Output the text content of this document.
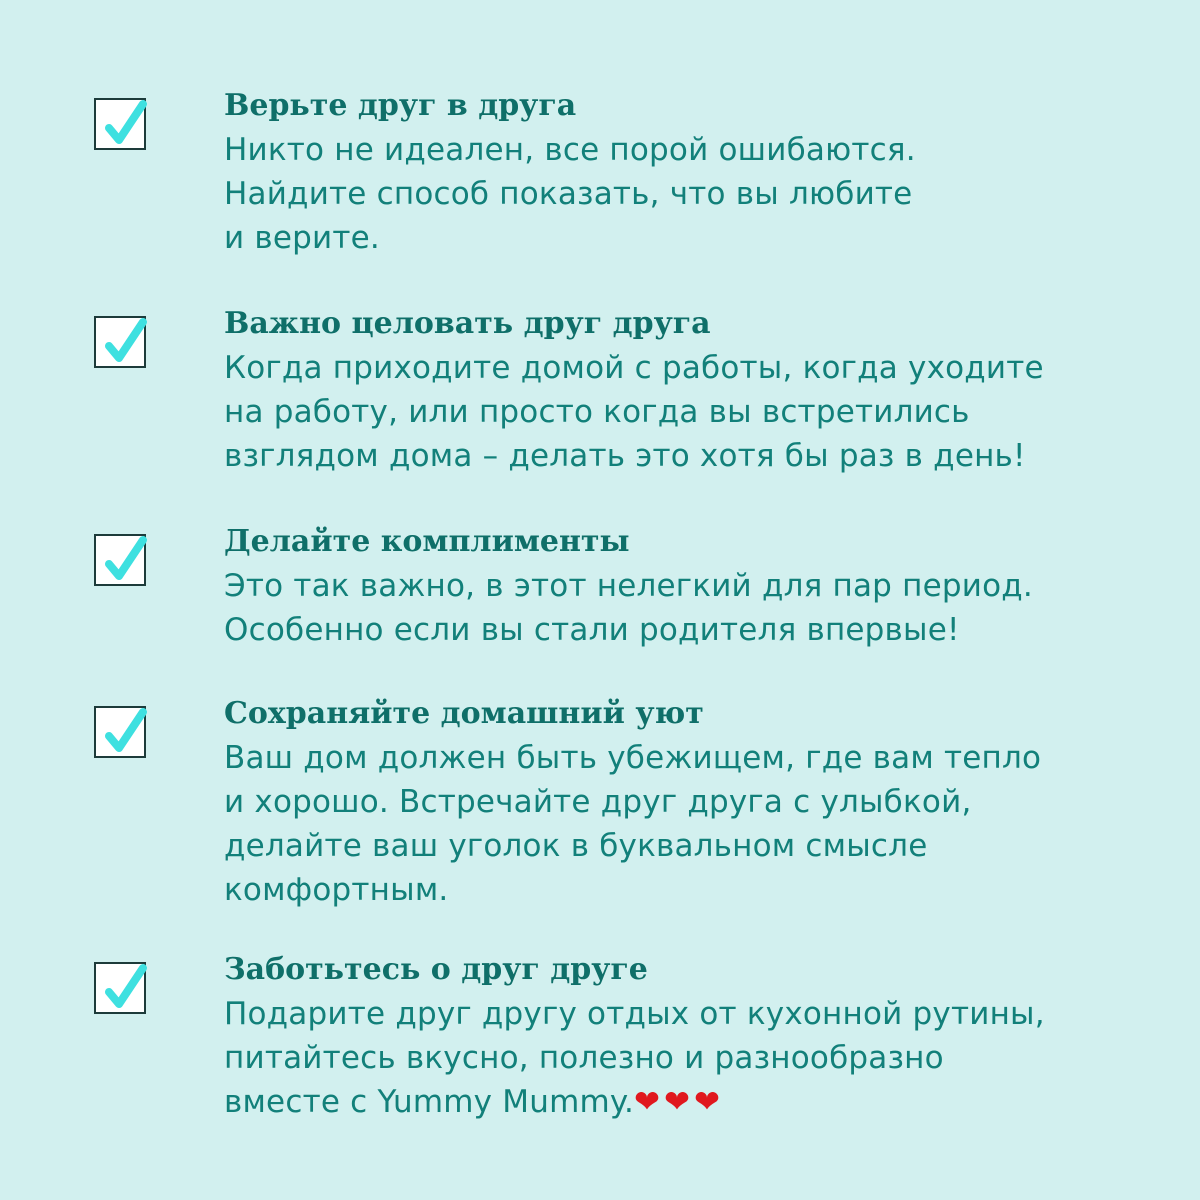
Верьте друг в друга
Никто не идеален, все порой ошибаются.
Найдите способ показать, что вы любите
и верите.
Важно целовать друг друга
Когда приходите домой с работы, когда уходите
на работу, или просто когда вы встретились
взглядом дома – делать это хотя бы раз в день!
Делайте комплименты
Это так важно, в этот нелегкий для пар период.
Особенно если вы стали родителя впервые!
Сохраняйте домашний уют
Ваш дом должен быть убежищем, где вам тепло
и хорошо. Встречайте друг друга с улыбкой,
делайте ваш уголок в буквальном смысле
комфортным.
Заботьтесь о друг друге
Подарите друг другу отдых от кухонной рутины,
питайтесь вкусно, полезно и разнообразно
вместе с Yummy Mummy.❤❤❤
